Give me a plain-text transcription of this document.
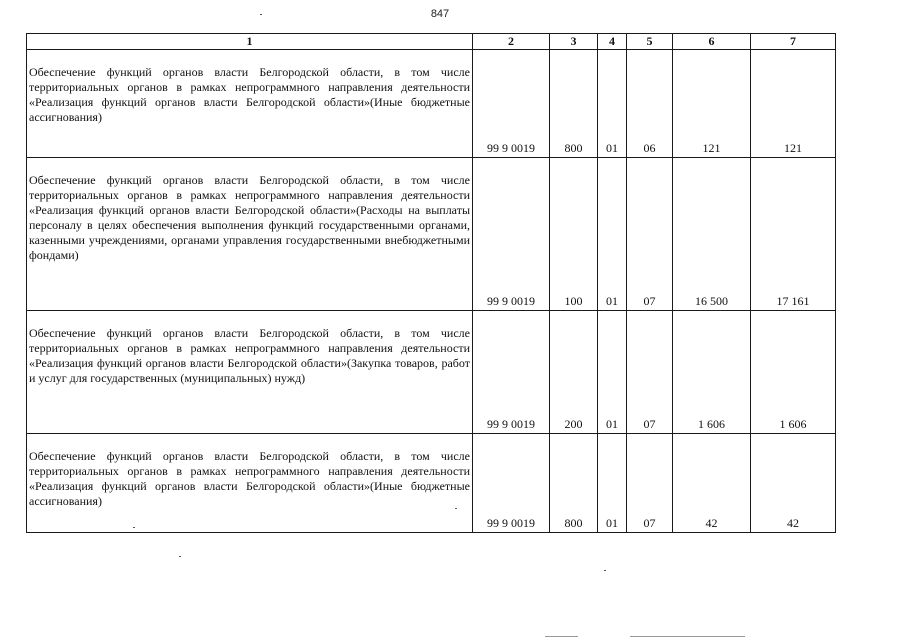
847
1	2	3	4	5	6	7

Обеспечение функций органов власти Белгородской области, в том числе территориальных органов в рамках непрограммного направления деятельности «Реализация функций органов власти Белгородской области»(Иные бюджетные ассигнования)	99 9 0019	800	01	06	121	121

Обеспечение функций органов власти Белгородской области, в том числе территориальных органов в рамках непрограммного направления деятельности «Реализация функций органов власти Белгородской области»(Расходы на выплаты персоналу в целях обеспечения выполнения функций государственными органами, казенными учреждениями, органами управления государственными внебюджетными фондами)	99 9 0019	100	01	07	16 500	17 161

Обеспечение функций органов власти Белгородской области, в том числе территориальных органов в рамках непрограммного направления деятельности «Реализация функций органов власти Белгородской области»(Закупка товаров, работ и услуг для государственных (муниципальных) нужд)	99 9 0019	200	01	07	1 606	1 606

Обеспечение функций органов власти Белгородской области, в том числе территориальных органов в рамках непрограммного направления деятельности «Реализация функций органов власти Белгородской области»(Иные бюджетные ассигнования)	99 9 0019	800	01	07	42	42
